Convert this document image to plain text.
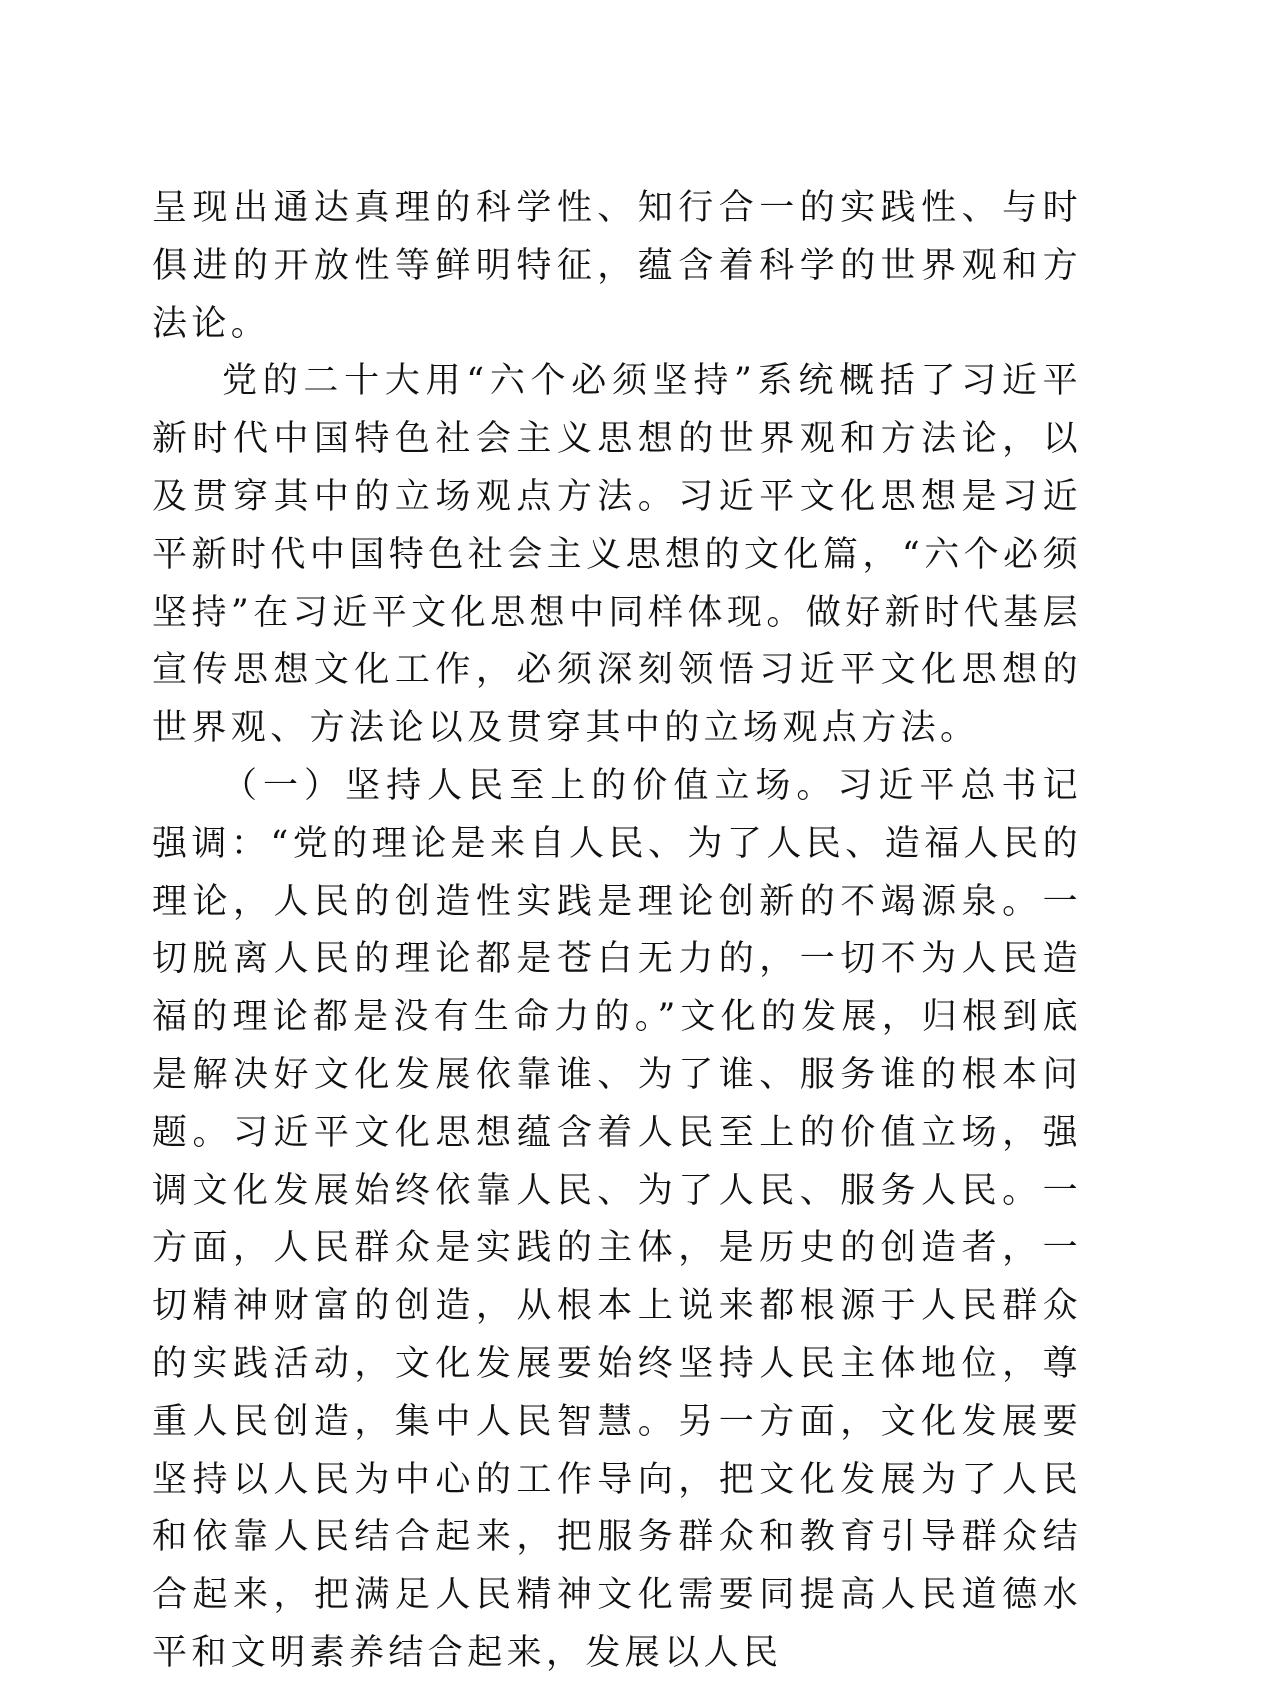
呈现出通达真理的科学性、知行合一的实践性、与时俱进的开放性等鲜明特征，蕴含着科学的世界观和方法论。

党的二十大用“六个必须坚持”系统概括了习近平新时代中国特色社会主义思想的世界观和方法论，以及贯穿其中的立场观点方法。习近平文化思想是习近平新时代中国特色社会主义思想的文化篇，“六个必须坚持”在习近平文化思想中同样体现。做好新时代基层宣传思想文化工作，必须深刻领悟习近平文化思想的世界观、方法论以及贯穿其中的立场观点方法。

（一）坚持人民至上的价值立场。习近平总书记强调：“党的理论是来自人民、为了人民、造福人民的理论，人民的创造性实践是理论创新的不竭源泉。一切脱离人民的理论都是苍白无力的，一切不为人民造福的理论都是没有生命力的。”文化的发展，归根到底是解决好文化发展依靠谁、为了谁、服务谁的根本问题。习近平文化思想蕴含着人民至上的价值立场，强调文化发展始终依靠人民、为了人民、服务人民。一方面，人民群众是实践的主体，是历史的创造者，一切精神财富的创造，从根本上说来都根源于人民群众的实践活动，文化发展要始终坚持人民主体地位，尊重人民创造，集中人民智慧。另一方面，文化发展要坚持以人民为中心的工作导向，把文化发展为了人民和依靠人民结合起来，把服务群众和教育引导群众结合起来，把满足人民精神文化需要同提高人民道德水平和文明素养结合起来，发展以人民
